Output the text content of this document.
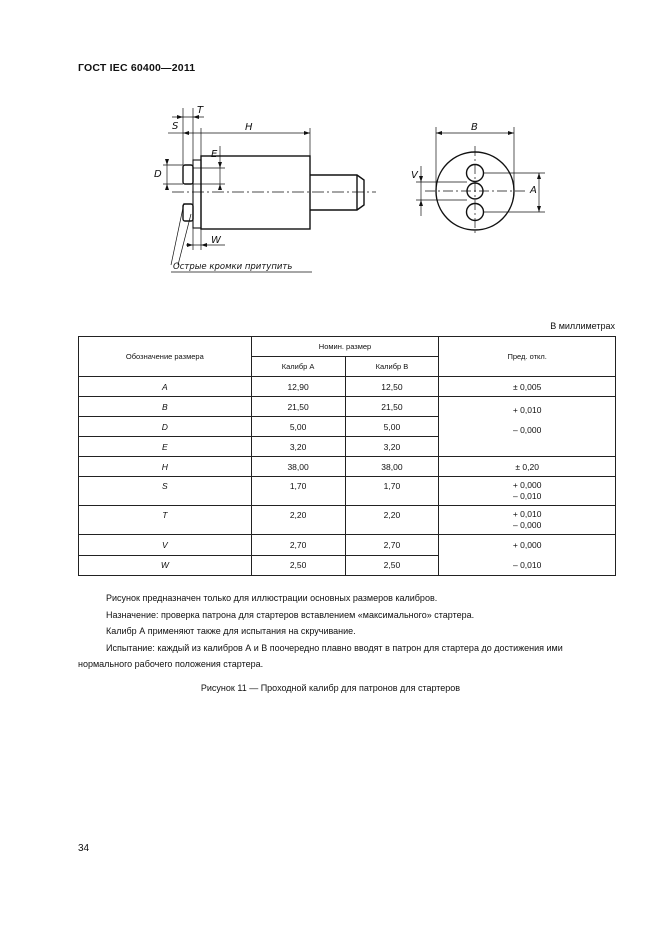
ГОСТ IEC 60400—2011
S
T
H
D
E
W
B
V
A
Острые кромки притупить
В миллиметрах
Обозначение размера	Номин. размер		Пред. откл.
	Калибр А	Калибр В	
A	12,90	12,50	± 0,005
B	21,50	21,50	+ 0,010
– 0,000
D	5,00	5,00	
E	3,20	3,20	
H	38,00	38,00	± 0,20
S	1,70	1,70	+ 0,000
– 0,010

T	2,20	2,20	+ 0,010
– 0,000

V	2,70	2,70	+ 0,000
– 0,010

W	2,50	2,50	

Рисунок предназначен только для иллюстрации основных размеров калибров.

Назначение: проверка патрона для стартеров вставлением «максимального» стартера.

Калибр А применяют также для испытания на скручивание.

Испытание: каждый из калибров А и В поочередно плавно вводят в патрон для стартера до достижения ими нормального рабочего положения стартера.

Рисунок 11 — Проходной калибр для патронов для стартеров
34
